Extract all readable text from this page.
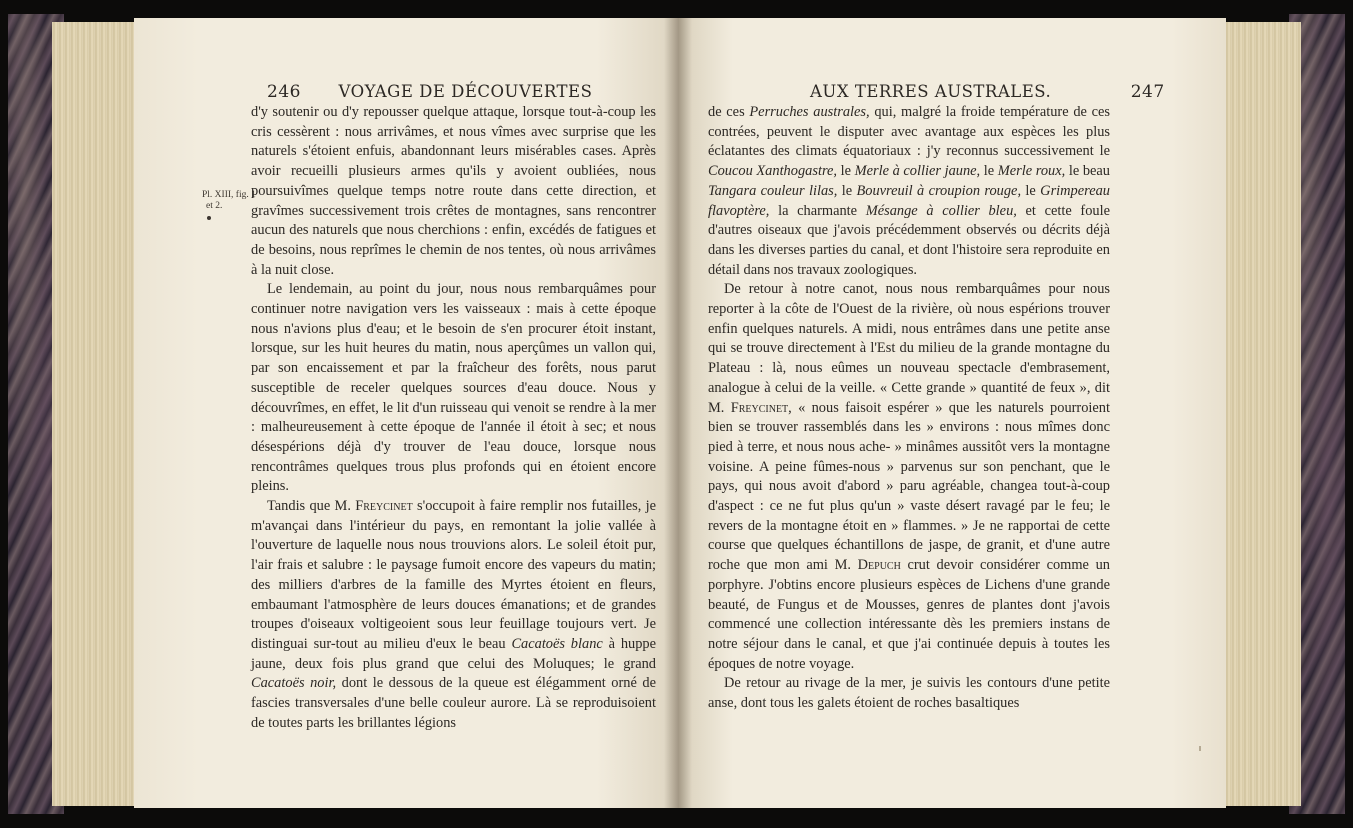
246 VOYAGE DE DÉCOUVERTES
Pl. XIII, fig. 1
et 2.

d'y soutenir ou d'y repousser quelque attaque, lorsque tout-à-coup les cris cessèrent : nous arrivâmes, et nous vîmes avec surprise que les naturels s'étoient enfuis, abandonnant leurs misérables cases. Après avoir recueilli plusieurs armes qu'ils y avoient oubliées, nous poursuivîmes quelque temps notre route dans cette direction, et gravîmes successivement trois crêtes de montagnes, sans rencontrer aucun des naturels que nous cherchions : enfin, excédés de fatigues et de besoins, nous reprîmes le chemin de nos tentes, où nous arrivâmes à la nuit close.

Le lendemain, au point du jour, nous nous rembarquâmes pour continuer notre navigation vers les vaisseaux : mais à cette époque nous n'avions plus d'eau; et le besoin de s'en procurer étoit instant, lorsque, sur les huit heures du matin, nous aperçûmes un vallon qui, par son encaissement et par la fraîcheur des forêts, nous parut susceptible de receler quelques sources d'eau douce. Nous y découvrîmes, en effet, le lit d'un ruisseau qui venoit se rendre à la mer : malheureusement à cette époque de l'année il étoit à sec; et nous désespérions déjà d'y trouver de l'eau douce, lorsque nous rencontrâmes quelques trous plus profonds qui en étoient encore pleins.

Tandis que M. Freycinet s'occupoit à faire remplir nos futailles, je m'avançai dans l'intérieur du pays, en remontant la jolie vallée à l'ouverture de laquelle nous nous trouvions alors. Le soleil étoit pur, l'air frais et salubre : le paysage fumoit encore des vapeurs du matin; des milliers d'arbres de la famille des Myrtes étoient en fleurs, embaumant l'atmosphère de leurs douces émanations; et de grandes troupes d'oiseaux voltigeoient sous leur feuillage toujours vert. Je distinguai sur-tout au milieu d'eux le beau Cacatoës blanc à huppe jaune, deux fois plus grand que celui des Moluques; le grand Cacatoës noir, dont le dessous de la queue est élégamment orné de fascies transversales d'une belle couleur aurore. Là se reproduisoient de toutes parts les brillantes légions

AUX TERRES AUSTRALES.	247

de ces Perruches australes, qui, malgré la froide température de ces contrées, peuvent le disputer avec avantage aux espèces les plus éclatantes des climats équatoriaux : j'y reconnus successivement le Coucou Xanthogastre, le Merle à collier jaune, le Merle roux, le beau Tangara couleur lilas, le Bouvreuil à croupion rouge, le Grimpereau flavoptère, la charmante Mésange à collier bleu, et cette foule d'autres oiseaux que j'avois précédemment observés ou décrits déjà dans les diverses parties du canal, et dont l'histoire sera reproduite en détail dans nos travaux zoologiques.

De retour à notre canot, nous nous rembarquâmes pour nous reporter à la côte de l'Ouest de la rivière, où nous espérions trouver enfin quelques naturels. A midi, nous entrâmes dans une petite anse qui se trouve directement à l'Est du milieu de la grande montagne du Plateau : là, nous eûmes un nouveau spectacle d'embrasement, analogue à celui de la veille. « Cette grande » quantité de feux », dit M. Freycinet, « nous faisoit espérer » que les naturels pourroient bien se trouver rassemblés dans les » environs : nous mîmes donc pied à terre, et nous nous ache- » minâmes aussitôt vers la montagne voisine. A peine fûmes-nous » parvenus sur son penchant, que le pays, qui nous avoit d'abord » paru agréable, changea tout-à-coup d'aspect : ce ne fut plus qu'un » vaste désert ravagé par le feu; le revers de la montagne étoit en » flammes. » Je ne rapportai de cette course que quelques échantillons de jaspe, de granit, et d'une autre roche que mon ami M. Depuch crut devoir considérer comme un porphyre. J'obtins encore plusieurs espèces de Lichens d'une grande beauté, de Fungus et de Mousses, genres de plantes dont j'avois commencé une collection intéressante dès les premiers instans de notre séjour dans le canal, et que j'ai continuée depuis à toutes les époques de notre voyage.

De retour au rivage de la mer, je suivis les contours d'une petite anse, dont tous les galets étoient de roches basaltiques
